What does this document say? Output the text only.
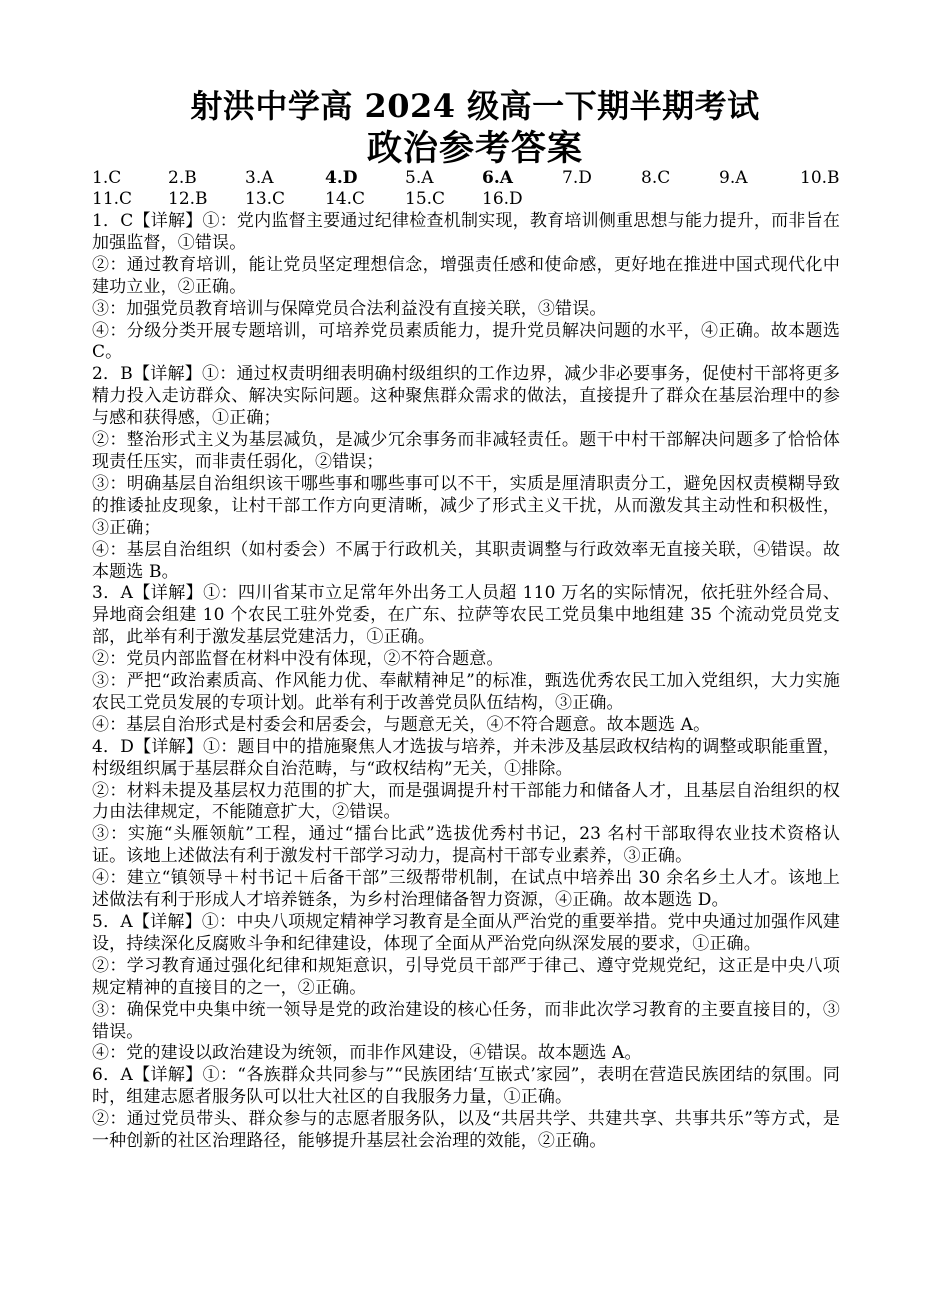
射洪中学高 2024 级高一下期半期考试
政治参考答案
1.C	2.B	3.A	4.D	5.A	6.A	7.D	8.C	9.A	10.B
11.C 12.B 13.C 14.C 15.C 16.D

1．C【详解】①：党内监督主要通过纪律检查机制实现，教育培训侧重思想与能力提升，而非旨在加强监督，①错误。

②：通过教育培训，能让党员坚定理想信念，增强责任感和使命感，更好地在推进中国式现代化中建功立业，②正确。

③：加强党员教育培训与保障党员合法利益没有直接关联，③错误。

④：分级分类开展专题培训，可培养党员素质能力，提升党员解决问题的水平，④正确。故本题选 C。

2．B【详解】①：通过权责明细表明确村级组织的工作边界，减少非必要事务，促使村干部将更多精力投入走访群众、解决实际问题。这种聚焦群众需求的做法，直接提升了群众在基层治理中的参与感和获得感，①正确；

②：整治形式主义为基层减负，是减少冗余事务而非减轻责任。题干中村干部解决问题多了恰恰体现责任压实，而非责任弱化，②错误；

③：明确基层自治组织该干哪些事和哪些事可以不干，实质是厘清职责分工，避免因权责模糊导致的推诿扯皮现象，让村干部工作方向更清晰，减少了形式主义干扰，从而激发其主动性和积极性，③正确；

④：基层自治组织（如村委会）不属于行政机关，其职责调整与行政效率无直接关联，④错误。故本题选 B。

3．A【详解】①：四川省某市立足常年外出务工人员超 110 万名的实际情况，依托驻外经合局、异地商会组建 10 个农民工驻外党委，在广东、拉萨等农民工党员集中地组建 35 个流动党员党支部，此举有利于激发基层党建活力，①正确。

②：党员内部监督在材料中没有体现，②不符合题意。

③：严把“政治素质高、作风能力优、奉献精神足”的标准，甄选优秀农民工加入党组织，大力实施农民工党员发展的专项计划。此举有利于改善党员队伍结构，③正确。

④：基层自治形式是村委会和居委会，与题意无关，④不符合题意。故本题选 A。

4．D【详解】①：题目中的措施聚焦人才选拔与培养，并未涉及基层政权结构的调整或职能重置，村级组织属于基层群众自治范畴，与“政权结构”无关，①排除。

②：材料未提及基层权力范围的扩大，而是强调提升村干部能力和储备人才，且基层自治组织的权力由法律规定，不能随意扩大，②错误。

③：实施“头雁领航”工程，通过“擂台比武”选拔优秀村书记，23 名村干部取得农业技术资格认证。该地上述做法有利于激发村干部学习动力，提高村干部专业素养，③正确。

④：建立“镇领导＋村书记＋后备干部”三级帮带机制，在试点中培养出 30 余名乡土人才。该地上述做法有利于形成人才培养链条，为乡村治理储备智力资源，④正确。故本题选 D。

5．A【详解】①：中央八项规定精神学习教育是全面从严治党的重要举措。党中央通过加强作风建设，持续深化反腐败斗争和纪律建设，体现了全面从严治党向纵深发展的要求，①正确。

②：学习教育通过强化纪律和规矩意识，引导党员干部严于律己、遵守党规党纪，这正是中央八项规定精神的直接目的之一，②正确。

③：确保党中央集中统一领导是党的政治建设的核心任务，而非此次学习教育的主要直接目的，③错误。

④：党的建设以政治建设为统领，而非作风建设，④错误。故本题选 A。

6．A【详解】①：“各族群众共同参与”“民族团结‘互嵌式’家园”，表明在营造民族团结的氛围。同时，组建志愿者服务队可以壮大社区的自我服务力量，①正确。

②：通过党员带头、群众参与的志愿者服务队，以及“共居共学、共建共享、共事共乐”等方式，是一种创新的社区治理路径，能够提升基层社会治理的效能，②正确。
